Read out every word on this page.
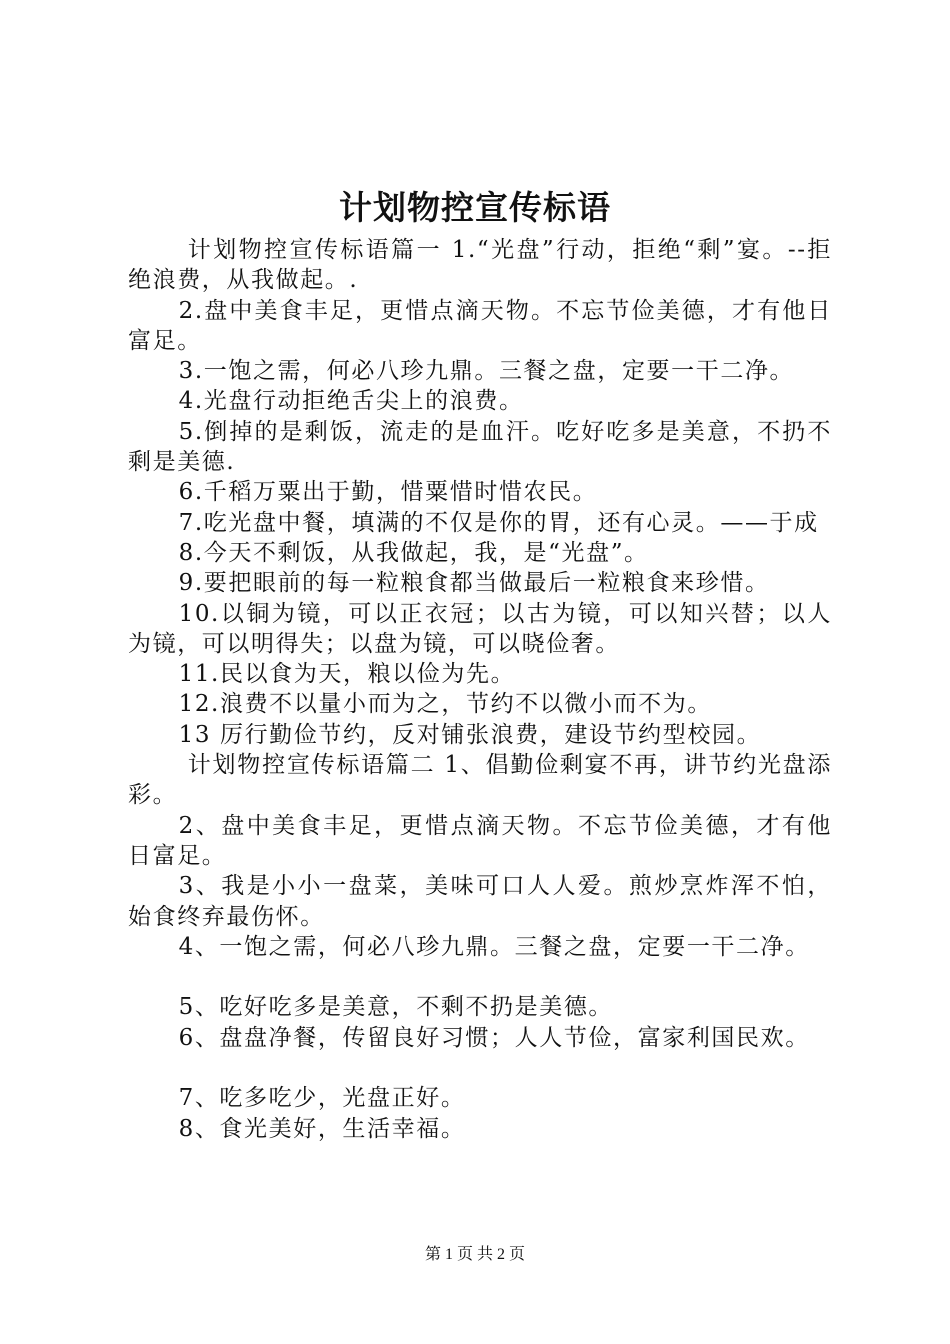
计划物控宣传标语

计划物控宣传标语篇一 1.“光盘”行动，拒绝“剩”宴。--拒绝浪费，从我做起。.

2.盘中美食丰足，更惜点滴天物。不忘节俭美德，才有他日富足。

3.一饱之需，何必八珍九鼎。三餐之盘，定要一干二净。

4.光盘行动拒绝舌尖上的浪费。

5.倒掉的是剩饭，流走的是血汗。吃好吃多是美意，不扔不剩是美德.

6.千稻万粟出于勤，惜粟惜时惜农民。

7.吃光盘中餐，填满的不仅是你的胃，还有心灵。——于成

8.今天不剩饭，从我做起，我，是“光盘”。

9.要把眼前的每一粒粮食都当做最后一粒粮食来珍惜。

10.以铜为镜，可以正衣冠；以古为镜，可以知兴替；以人为镜，可以明得失；以盘为镜，可以晓俭奢。

11.民以食为天，粮以俭为先。

12.浪费不以量小而为之，节约不以微小而不为。

13 厉行勤俭节约，反对铺张浪费，建设节约型校园。

计划物控宣传标语篇二 1、倡勤俭剩宴不再，讲节约光盘添彩。

2、盘中美食丰足，更惜点滴天物。不忘节俭美德，才有他日富足。

3、我是小小一盘菜，美味可口人人爱。煎炒烹炸浑不怕，始食终弃最伤怀。

4、一饱之需，何必八珍九鼎。三餐之盘，定要一干二净。

5、吃好吃多是美意，不剩不扔是美德。

6、盘盘净餐，传留良好习惯；人人节俭，富家利国民欢。

7、吃多吃少，光盘正好。

8、食光美好，生活幸福。

第 1 页 共 2 页
